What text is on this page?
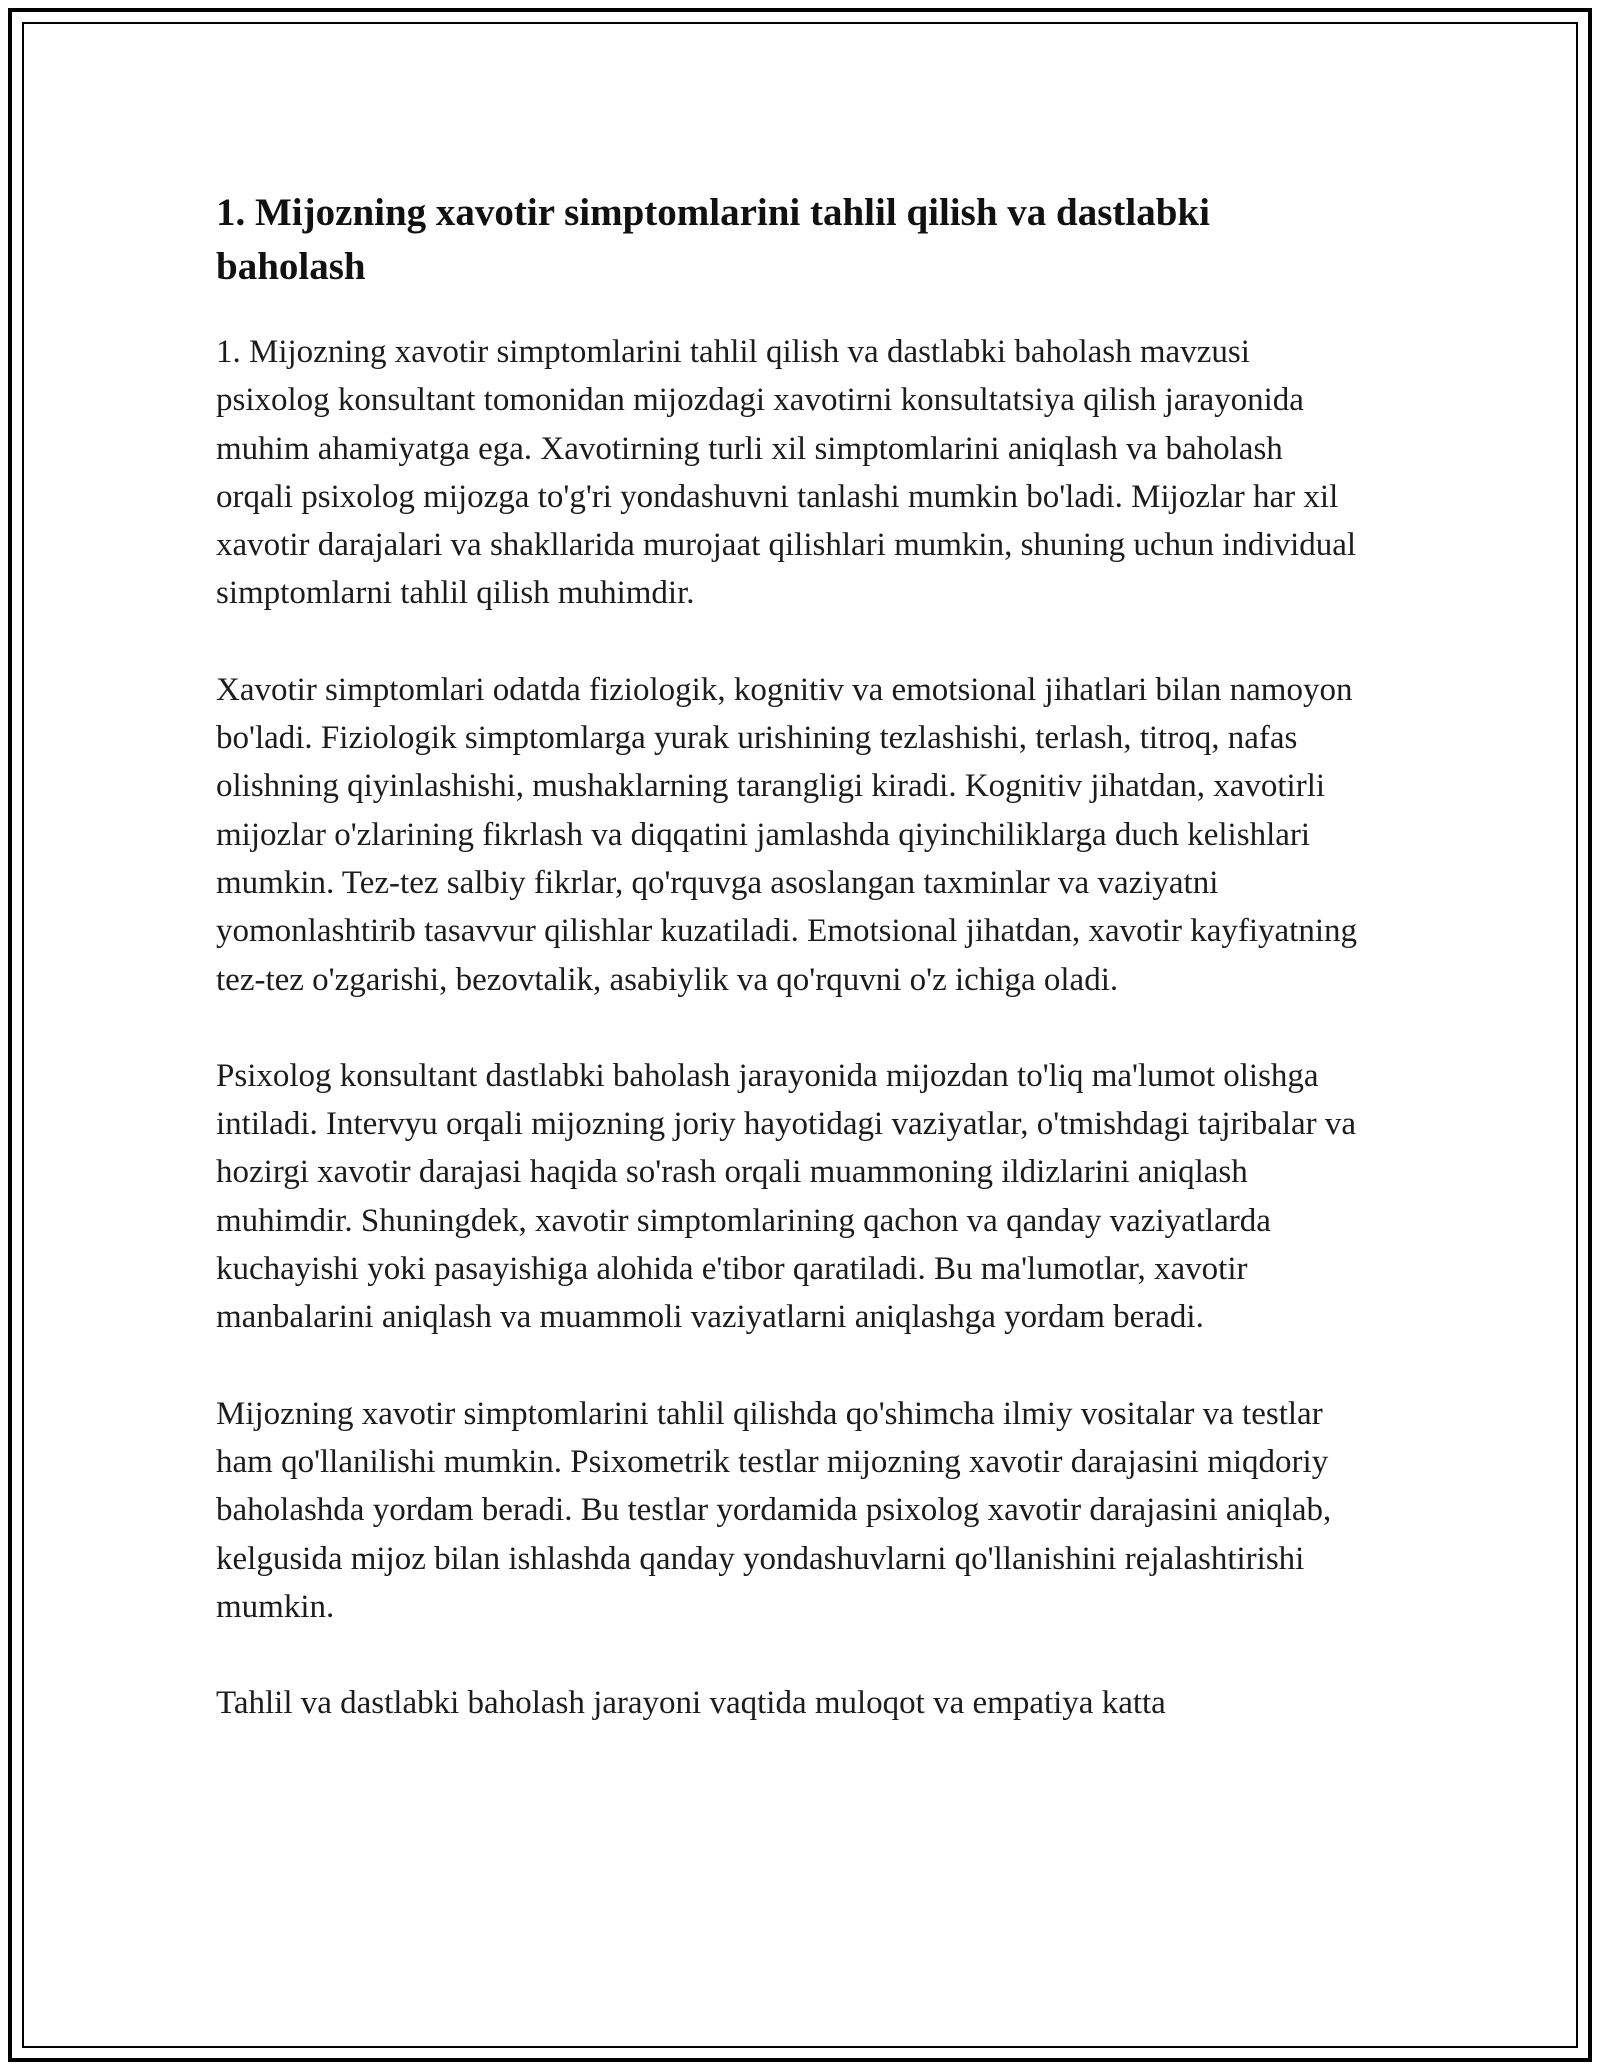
1. Mijozning xavotir simptomlarini tahlil qilish va dastlabki baholash

1. Mijozning xavotir simptomlarini tahlil qilish va dastlabki baholash mavzusi psixolog konsultant tomonidan mijozdagi xavotirni konsultatsiya qilish jarayonida muhim ahamiyatga ega. Xavotirning turli xil simptomlarini aniqlash va baholash orqali psixolog mijozga to'g'ri yondashuvni tanlashi mumkin bo'ladi. Mijozlar har xil xavotir darajalari va shakllarida murojaat qilishlari mumkin, shuning uchun individual simptomlarni tahlil qilish muhimdir.

Xavotir simptomlari odatda fiziologik, kognitiv va emotsional jihatlari bilan namoyon bo'ladi. Fiziologik simptomlarga yurak urishining tezlashishi, terlash, titroq, nafas olishning qiyinlashishi, mushaklarning tarangligi kiradi. Kognitiv jihatdan, xavotirli mijozlar o'zlarining fikrlash va diqqatini jamlashda qiyinchiliklarga duch kelishlari mumkin. Tez-tez salbiy fikrlar, qo'rquvga asoslangan taxminlar va vaziyatni yomonlashtirib tasavvur qilishlar kuzatiladi. Emotsional jihatdan, xavotir kayfiyatning tez-tez o'zgarishi, bezovtalik, asabiylik va qo'rquvni o'z ichiga oladi.

Psixolog konsultant dastlabki baholash jarayonida mijozdan to'liq ma'lumot olishga intiladi. Intervyu orqali mijozning joriy hayotidagi vaziyatlar, o'tmishdagi tajribalar va hozirgi xavotir darajasi haqida so'rash orqali muammoning ildizlarini aniqlash muhimdir. Shuningdek, xavotir simptomlarining qachon va qanday vaziyatlarda kuchayishi yoki pasayishiga alohida e'tibor qaratiladi. Bu ma'lumotlar, xavotir manbalarini aniqlash va muammoli vaziyatlarni aniqlashga yordam beradi.

Mijozning xavotir simptomlarini tahlil qilishda qo'shimcha ilmiy vositalar va testlar ham qo'llanilishi mumkin. Psixometrik testlar mijozning xavotir darajasini miqdoriy baholashda yordam beradi. Bu testlar yordamida psixolog xavotir darajasini aniqlab, kelgusida mijoz bilan ishlashda qanday yondashuvlarni qo'llanishini rejalashtirishi mumkin.

Tahlil va dastlabki baholash jarayoni vaqtida muloqot va empatiya katta
